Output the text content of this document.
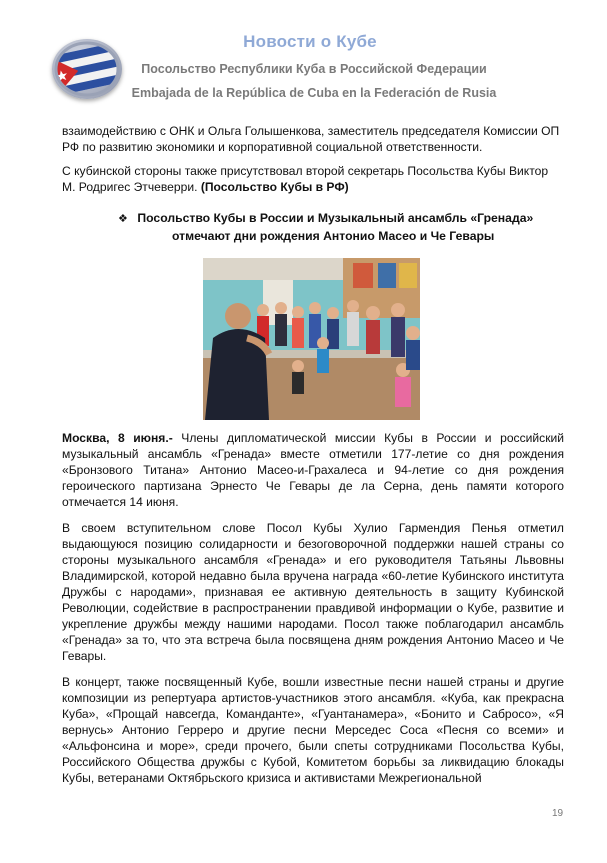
Новости о Кубе
Посольство Республики Куба в Российской Федерации
Embajada de la República de Cuba en la Federación de Rusia

взаимодействию с ОНК и Ольга Голышенкова, заместитель председателя Комиссии ОП РФ по развитию экономики и корпоративной социальной ответственности.

С кубинской стороны также присутствовал второй секретарь Посольства Кубы Виктор М. Родригес Этчеверри. (Посольство Кубы в РФ)

❖ Посольство Кубы в России и Музыкальный ансамбль «Гренада»
отмечают дни рождения Антонио Масео и Че Гевары

Москва, 8 июня.- Члены дипломатической миссии Кубы в России и российский музыкальный ансамбль «Гренада» вместе отметили 177-летие со дня рождения «Бронзового Титана» Антонио Масео-и-Грахалеса и 94-летие со дня рождения героического партизана Эрнесто Че Гевары де ла Серна, день памяти которого отмечается 14 июня.

В своем вступительном слове Посол Кубы Хулио Гармендия Пенья отметил выдающуюся позицию солидарности и безоговорочной поддержки нашей страны со стороны музыкального ансамбля «Гренада» и его руководителя Татьяны Львовны Владимирской, которой недавно была вручена награда «60-летие Кубинского института Дружбы с народами», признавая ее активную деятельность в защиту Кубинской Революции, содействие в распространении правдивой информации о Кубе, развитие и укрепление дружбы между нашими народами. Посол также поблагодарил ансамбль «Гренада» за то, что эта встреча была посвящена дням рождения Антонио Масео и Че Гевары.

В концерт, также посвященный Кубе, вошли известные песни нашей страны и другие композиции из репертуара артистов-участников этого ансамбля. «Куба, как прекрасна Куба», «Прощай навсегда, Команданте», «Гуантанамера», «Бонито и Сабросо», «Я вернусь» Антонио Герреро и другие песни Мерседес Соса «Песня со всеми» и «Альфонсина и море», среди прочего, были спеты сотрудниками Посольства Кубы, Российского Общества дружбы с Кубой, Комитетом борьбы за ликвидацию блокады Кубы, ветеранами Октябрьского кризиса и активистами Межрегиональной

19
